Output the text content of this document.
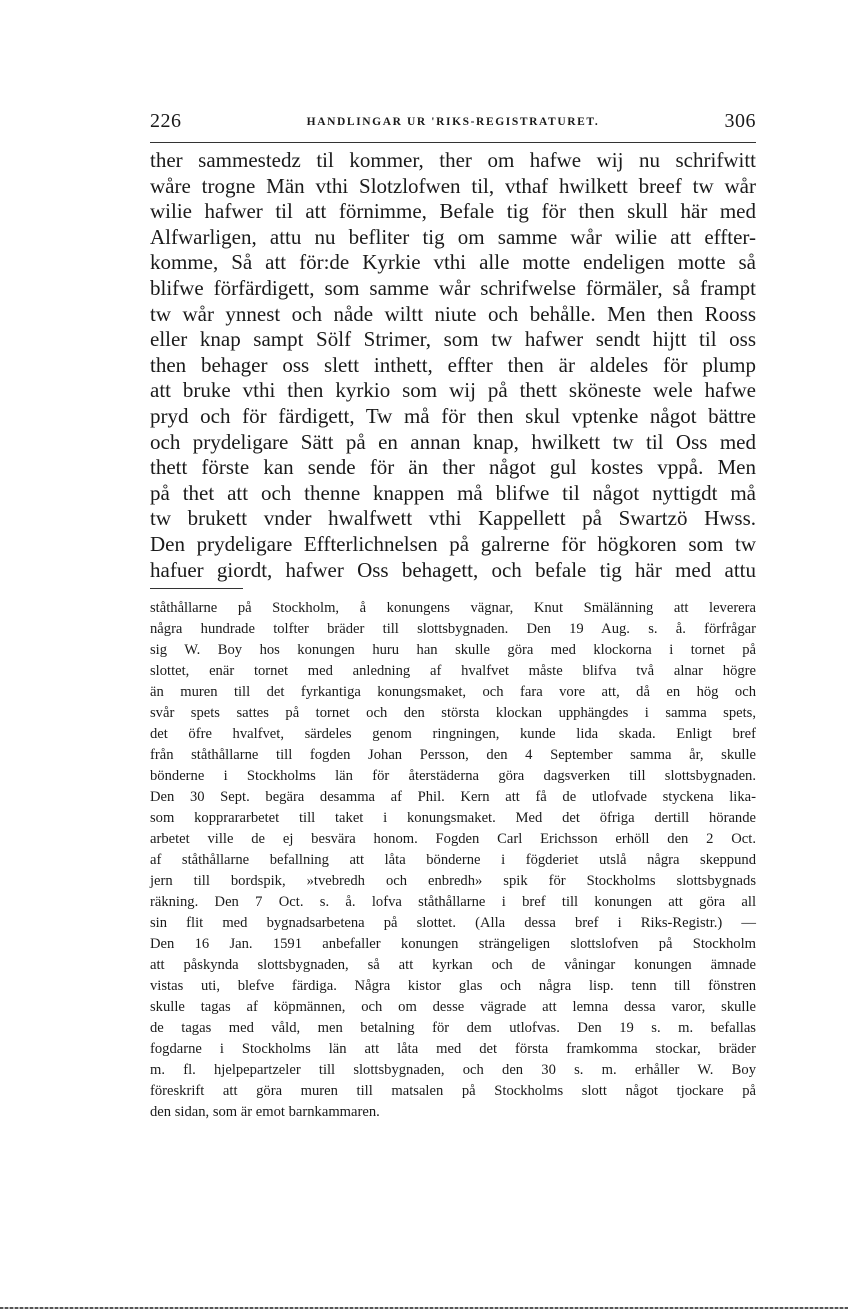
226	HANDLINGAR UR 'RIKS-REGISTRATURET.	306
ther sammestedz til kommer, ther om hafwe wij nu schrifwitt
wåre trogne Män vthi Slotzlofwen til, vthaf hwilkett breef tw wår
wilie hafwer til att förnimme, Befale tig för then skull här med
Alfwarligen, attu nu befliter tig om samme wår wilie att effter-
komme, Så att för:de Kyrkie vthi alle motte endeligen motte så
blifwe förfärdigett, som samme wår schrifwelse förmäler, så frampt
tw wår ynnest och nåde wiltt niute och behålle. Men then Rooss
eller knap sampt Sölf Strimer, som tw hafwer sendt hijtt til oss
then behager oss slett inthett, effter then är aldeles för plump
att bruke vthi then kyrkio som wij på thett sköneste wele hafwe
pryd och för färdigett, Tw må för then skul vptenke något bättre
och prydeligare Sätt på en annan knap, hwilkett tw til Oss med
thett förste kan sende för än ther något gul kostes vppå. Men
på thet att och thenne knappen må blifwe til något nyttigdt må
tw brukett vnder hwalfwett vthi Kappellett på Swartzö Hwss.
Den prydeligare Effterlichnelsen på galrerne för högkoren som tw
hafuer giordt, hafwer Oss behagett, och befale tig här med attu
ståthållarne på Stockholm, å konungens vägnar, Knut Smälänning att leverera
några hundrade tolfter bräder till slottsbygnaden. Den 19 Aug. s. å. förfrågar
sig W. Boy hos konungen huru han skulle göra med klockorna i tornet på
slottet, enär tornet med anledning af hvalfvet måste blifva två alnar högre
än muren till det fyrkantiga konungsmaket, och fara vore att, då en hög och
svår spets sattes på tornet och den största klockan upphängdes i samma spets,
det öfre hvalfvet, särdeles genom ringningen, kunde lida skada. Enligt bref
från ståthållarne till fogden Johan Persson, den 4 September samma år, skulle
bönderne i Stockholms län för återstäderna göra dagsverken till slottsbygnaden.
Den 30 Sept. begära desamma af Phil. Kern att få de utlofvade styckena lika-
som kopprararbetet till taket i konungsmaket. Med det öfriga dertill hörande
arbetet ville de ej besvära honom. Fogden Carl Erichsson erhöll den 2 Oct.
af ståthållarne befallning att låta bönderne i fögderiet utslå några skeppund
jern till bordspik, »tvebredh och enbredh» spik för Stockholms slottsbygnads
räkning. Den 7 Oct. s. å. lofva ståthållarne i bref till konungen att göra all
sin flit med bygnadsarbetena på slottet. (Alla dessa bref i Riks-Registr.) —
Den 16 Jan. 1591 anbefaller konungen strängeligen slottslofven på Stockholm
att påskynda slottsbygnaden, så att kyrkan och de våningar konungen ämnade
vistas uti, blefve färdiga. Några kistor glas och några lisp. tenn till fönstren
skulle tagas af köpmännen, och om desse vägrade att lemna dessa varor, skulle
de tagas med våld, men betalning för dem utlofvas. Den 19 s. m. befallas
fogdarne i Stockholms län att låta med det första framkomma stockar, bräder
m. fl. hjelpepartzeler till slottsbygnaden, och den 30 s. m. erhåller W. Boy
föreskrift att göra muren till matsalen på Stockholms slott något tjockare på
den sidan, som är emot barnkammaren.
